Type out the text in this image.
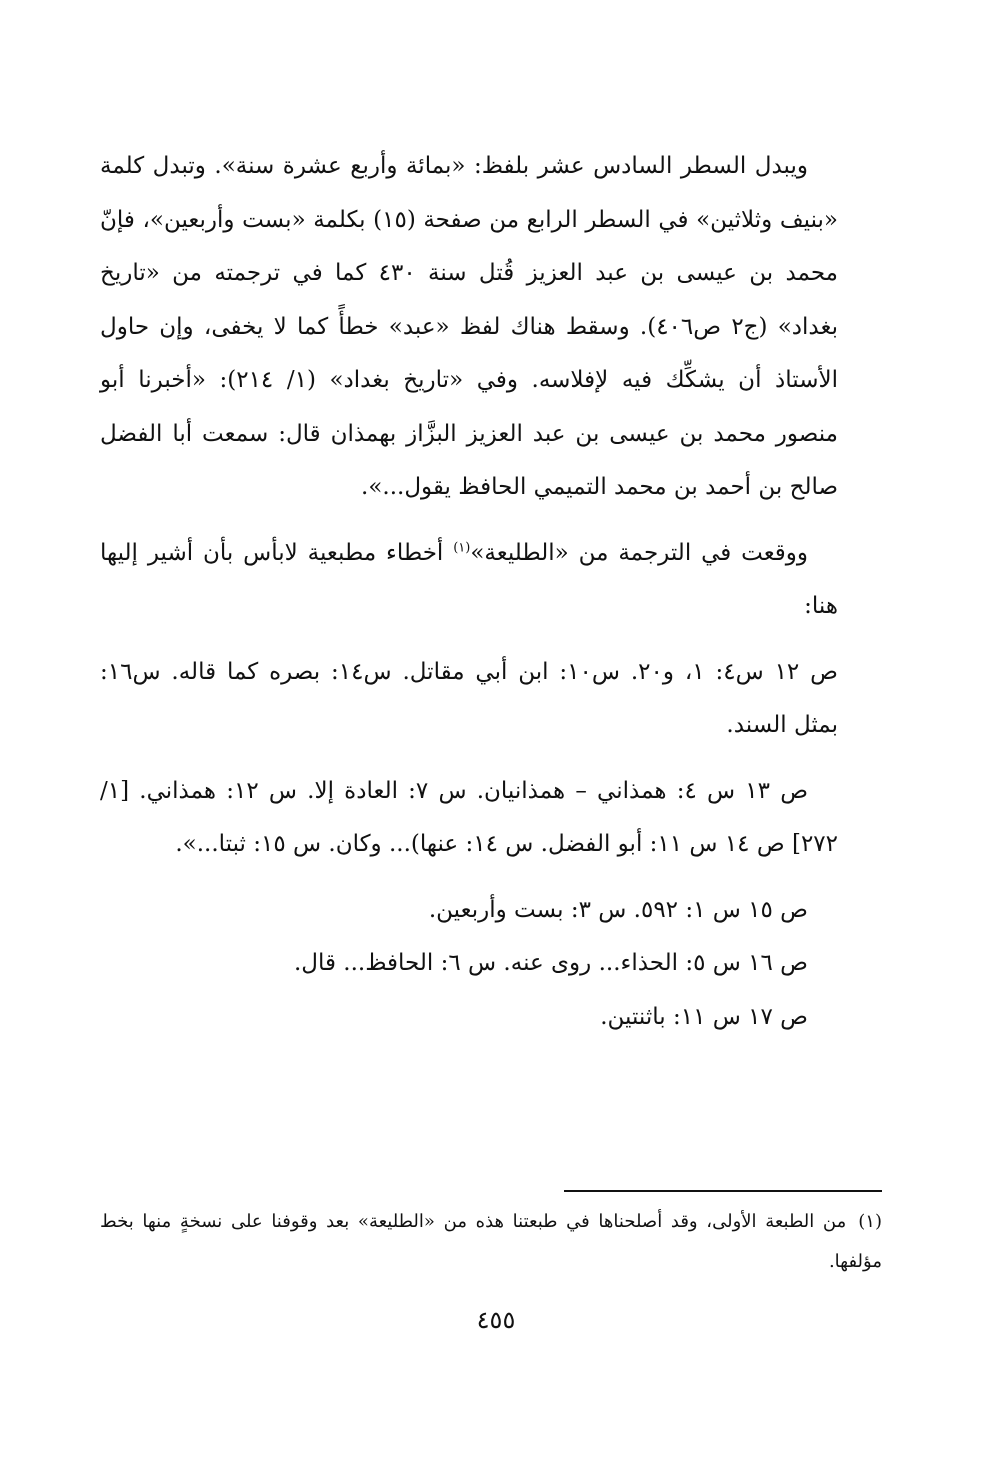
ويبدل السطر السادس عشر بلفظ: «بمائة وأربع عشرة سنة». وتبدل كلمة «بنيف وثلاثين» في السطر الرابع من صفحة (١٥) بكلمة «بست وأربعين»، فإنّ محمد بن عيسى بن عبد العزيز قُتل سنة ٤٣٠ كما في ترجمته من «تاريخ بغداد» (ج٢ ص٤٠٦). وسقط هناك لفظ «عبد» خطأً كما لا يخفى، وإن حاول الأستاذ أن يشكِّك فيه لإفلاسه. وفي «تاريخ بغداد» (١/ ٢١٤): «أخبرنا أبو منصور محمد بن عيسى بن عبد العزيز البزَّاز بهمذان قال: سمعت أبا الفضل صالح بن أحمد بن محمد التميمي الحافظ يقول...».

ووقعت في الترجمة من «الطليعة»$^{(١)}$ أخطاء مطبعية لابأس بأن أشير إليها هنا:

ص ١٢ س٤: ١، و٢٠. س١٠: ابن أبي مقاتل. س١٤: بصره كما قاله. س١٦: بمثل السند.

ص ١٣ س ٤: همذاني – همذانيان. س ٧: العادة إلا. س ١٢: همذاني. [١/ ٢٧٢] ص ١٤ س ١١: أبو الفضل. س ١٤: عنها)... وكان. س ١٥: ثبتا...».

ص ١٥ س ١: ٥٩٢. س ٣: بست وأربعين.

ص ١٦ س ٥: الحذاء... روى عنه. س ٦: الحافظ... قال.

ص ١٧ س ١١: باثنتين.

(١)من الطبعة الأولى، وقد أصلحناها في طبعتنا هذه من «الطليعة» بعد وقوفنا على نسخةٍ منها بخط مؤلفها.

٤٥٥
